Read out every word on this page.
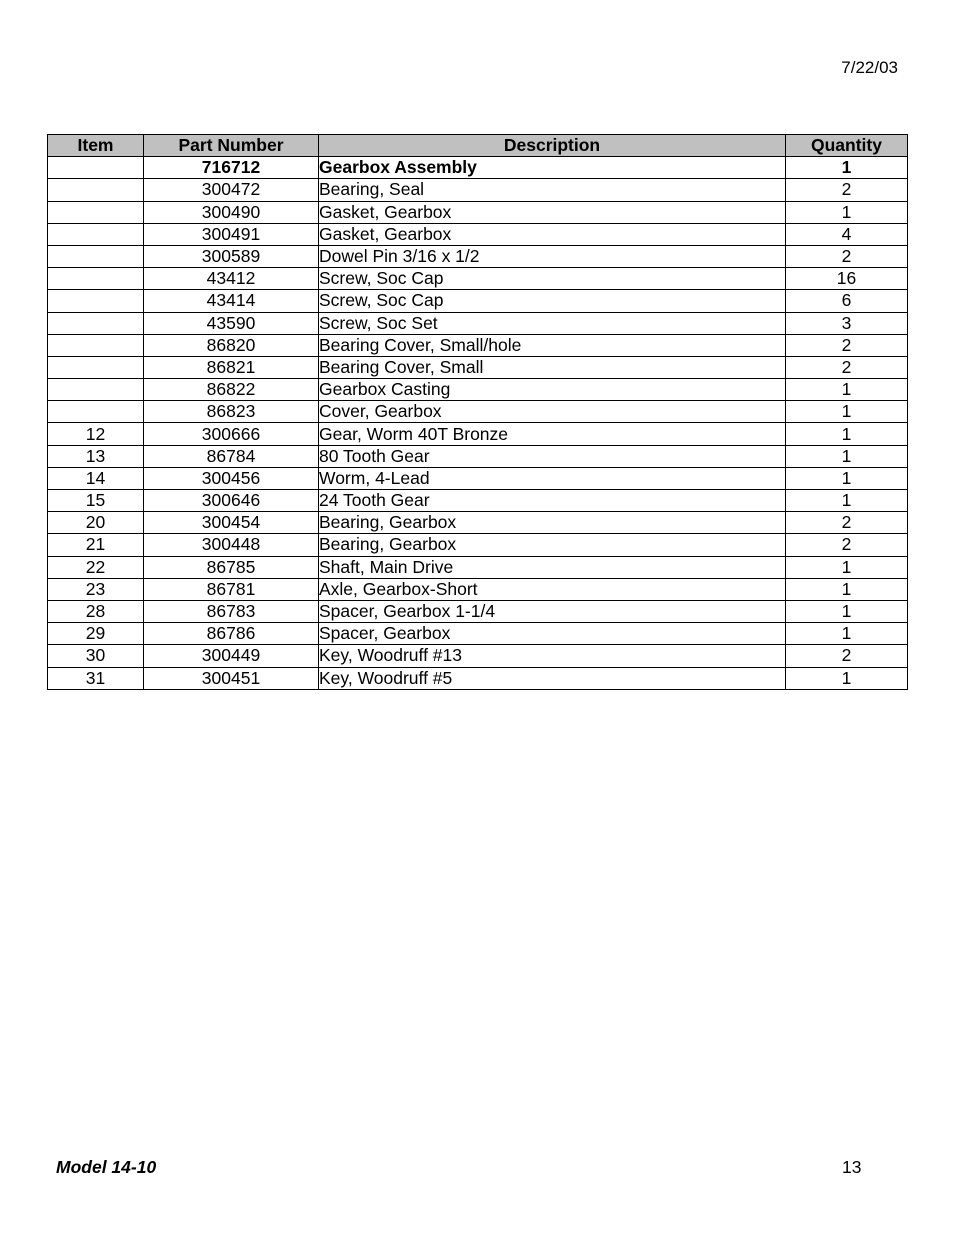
7/22/03
Item	Part Number	Description	Quantity
	716712	Gearbox Assembly	1
	300472	Bearing, Seal	2
	300490	Gasket, Gearbox	1
	300491	Gasket, Gearbox	4
	300589	Dowel Pin 3/16 x 1/2	2
	43412	Screw, Soc Cap	16
	43414	Screw, Soc Cap	6
	43590	Screw, Soc Set	3
	86820	Bearing Cover, Small/hole	2
	86821	Bearing Cover, Small	2
	86822	Gearbox Casting	1
	86823	Cover, Gearbox	1
12	300666	Gear, Worm 40T Bronze	1
13	86784	80 Tooth Gear	1
14	300456	Worm, 4-Lead	1
15	300646	24 Tooth Gear	1
20	300454	Bearing, Gearbox	2
21	300448	Bearing, Gearbox	2
22	86785	Shaft, Main Drive	1
23	86781	Axle, Gearbox-Short	1
28	86783	Spacer, Gearbox 1-1/4	1
29	86786	Spacer, Gearbox	1
30	300449	Key, Woodruff #13	2
31	300451	Key, Woodruff #5	1
Model 14-10	13
